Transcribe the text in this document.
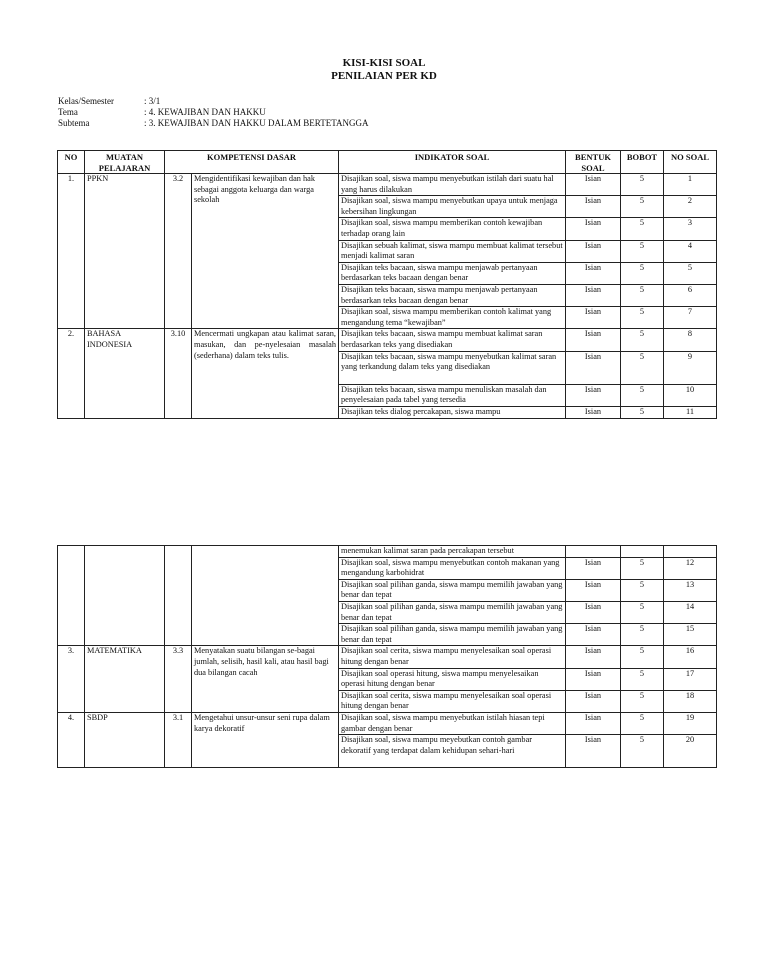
KISI-KISI SOAL
PENILAIAN PER KD
Kelas/Semester	: 3/1
Tema	: 4. KEWAJIBAN DAN HAKKU
Subtema	: 3. KEWAJIBAN DAN HAKKU DALAM BERTETANGGA
NO	MUATAN PELAJARAN	KOMPETENSI DASAR		INDIKATOR SOAL	BENTUK SOAL	BOBOT	NO SOAL
1.	PPKN	3.2	Mengidentifikasi kewajiban dan hak sebagai anggota keluarga dan warga sekolah	Disajikan soal, siswa mampu menyebutkan istilah dari suatu hal yang harus dilakukan	Isian	5	1
				Disajikan soal, siswa mampu menyebutkan upaya untuk menjaga kebersihan lingkungan	Isian	5	2
				Disajikan soal, siswa mampu memberikan contoh kewajiban terhadap orang lain	Isian	5	3
				Disajikan sebuah kalimat, siswa mampu membuat kalimat tersebut menjadi kalimat saran	Isian	5	4
				Disajikan teks bacaan, siswa mampu menjawab pertanyaan berdasarkan teks bacaan dengan benar	Isian	5	5
				Disajikan teks bacaan, siswa mampu menjawab pertanyaan berdasarkan teks bacaan dengan benar	Isian	5	6
				Disajikan soal, siswa mampu memberikan contoh kalimat yang mengandung tema “kewajiban”	Isian	5	7
2.	BAHASA INDONESIA	3.10	Mencermati ungkapan atau kalimat saran, masukan, dan pe-nyelesaian masalah (sederhana) dalam teks tulis.	Disajikan teks bacaan, siswa mampu membuat kalimat saran berdasarkan teks yang disediakan	Isian	5	8
				Disajikan teks bacaan, siswa mampu menyebutkan kalimat saran yang terkandung dalam teks yang disediakan	Isian	5	9
				Disajikan teks bacaan, siswa mampu menuliskan masalah dan penyelesaian pada tabel yang tersedia	Isian	5	10
				Disajikan teks dialog percakapan, siswa mampu	Isian	5	11
				menemukan kalimat saran pada percakapan tersebut			
				Disajikan soal, siswa mampu menyebutkan contoh makanan yang mengandung karbohidrat	Isian	5	12
				Disajikan soal pilihan ganda, siswa mampu memilih jawaban yang benar dan tepat	Isian	5	13
				Disajikan soal pilihan ganda, siswa mampu memilih jawaban yang benar dan tepat	Isian	5	14
				Disajikan soal pilihan ganda, siswa mampu memilih jawaban yang benar dan tepat	Isian	5	15
3.	MATEMATIKA	3.3	Menyatakan suatu bilangan se-bagai jumlah, selisih, hasil kali, atau hasil bagi dua bilangan cacah	Disajikan soal cerita, siswa mampu menyelesaikan soal operasi hitung dengan benar	Isian	5	16
				Disajikan soal operasi hitung, siswa mampu menyelesaikan operasi hitung dengan benar	Isian	5	17
				Disajikan soal cerita, siswa mampu menyelesaikan soal operasi hitung dengan benar	Isian	5	18
4.	SBDP	3.1	Mengetahui unsur-unsur seni rupa dalam karya dekoratif	Disajikan soal, siswa mampu menyebutkan istilah hiasan tepi gambar dengan benar	Isian	5	19
				Disajikan soal, siswa mampu meyebutkan contoh gambar dekoratif yang terdapat dalam kehidupan sehari-hari	Isian	5	20
